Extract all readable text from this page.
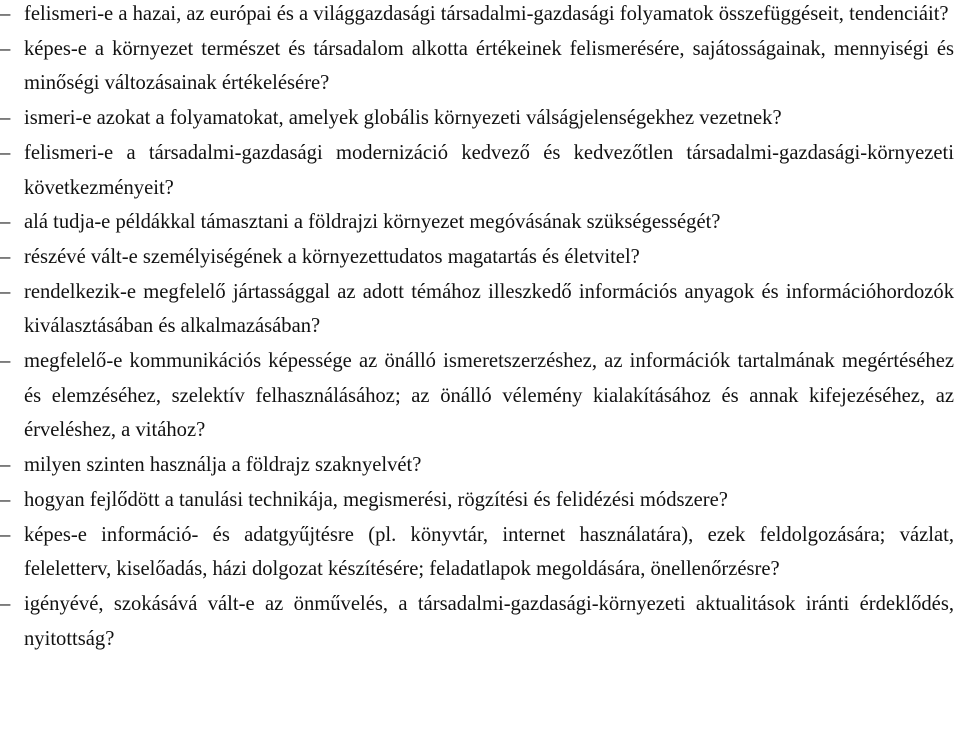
– felismeri-e a hazai, az európai és a világgazdasági társadalmi-gazdasági folyamatok összefüggéseit, tendenciáit?
– képes-e a környezet természet és társadalom alkotta értékeinek felismerésére, sajátosságainak, mennyiségi és minőségi változásainak értékelésére?
– ismeri-e azokat a folyamatokat, amelyek globális környezeti válságjelenségekhez vezetnek?
– felismeri-e a társadalmi-gazdasági modernizáció kedvező és kedvezőtlen társadalmi-gazdasági-környezeti következményeit?
– alá tudja-e példákkal támasztani a földrajzi környezet megóvásának szükségességét?
– részévé vált-e személyiségének a környezettudatos magatartás és életvitel?
– rendelkezik-e megfelelő jártassággal az adott témához illeszkedő információs anyagok és információhordozók kiválasztásában és alkalmazásában?
– megfelelő-e kommunikációs képessége az önálló ismeretszerzéshez, az információk tartalmának megértéséhez és elemzéséhez, szelektív felhasználásához; az önálló vélemény kialakításához és annak kifejezéséhez, az érveléshez, a vitához?
– milyen szinten használja a földrajz szaknyelvét?
– hogyan fejlődött a tanulási technikája, megismerési, rögzítési és felidézési módszere?
– képes-e információ- és adatgyűjtésre (pl. könyvtár, internet használatára), ezek feldolgozására; vázlat, feleletterv, kiselőadás, házi dolgozat készítésére; feladatlapok megoldására, önellenőrzésre?
– igényévé, szokásává vált-e az önművelés, a társadalmi-gazdasági-környezeti aktualitások iránti érdeklődés, nyitottság?
